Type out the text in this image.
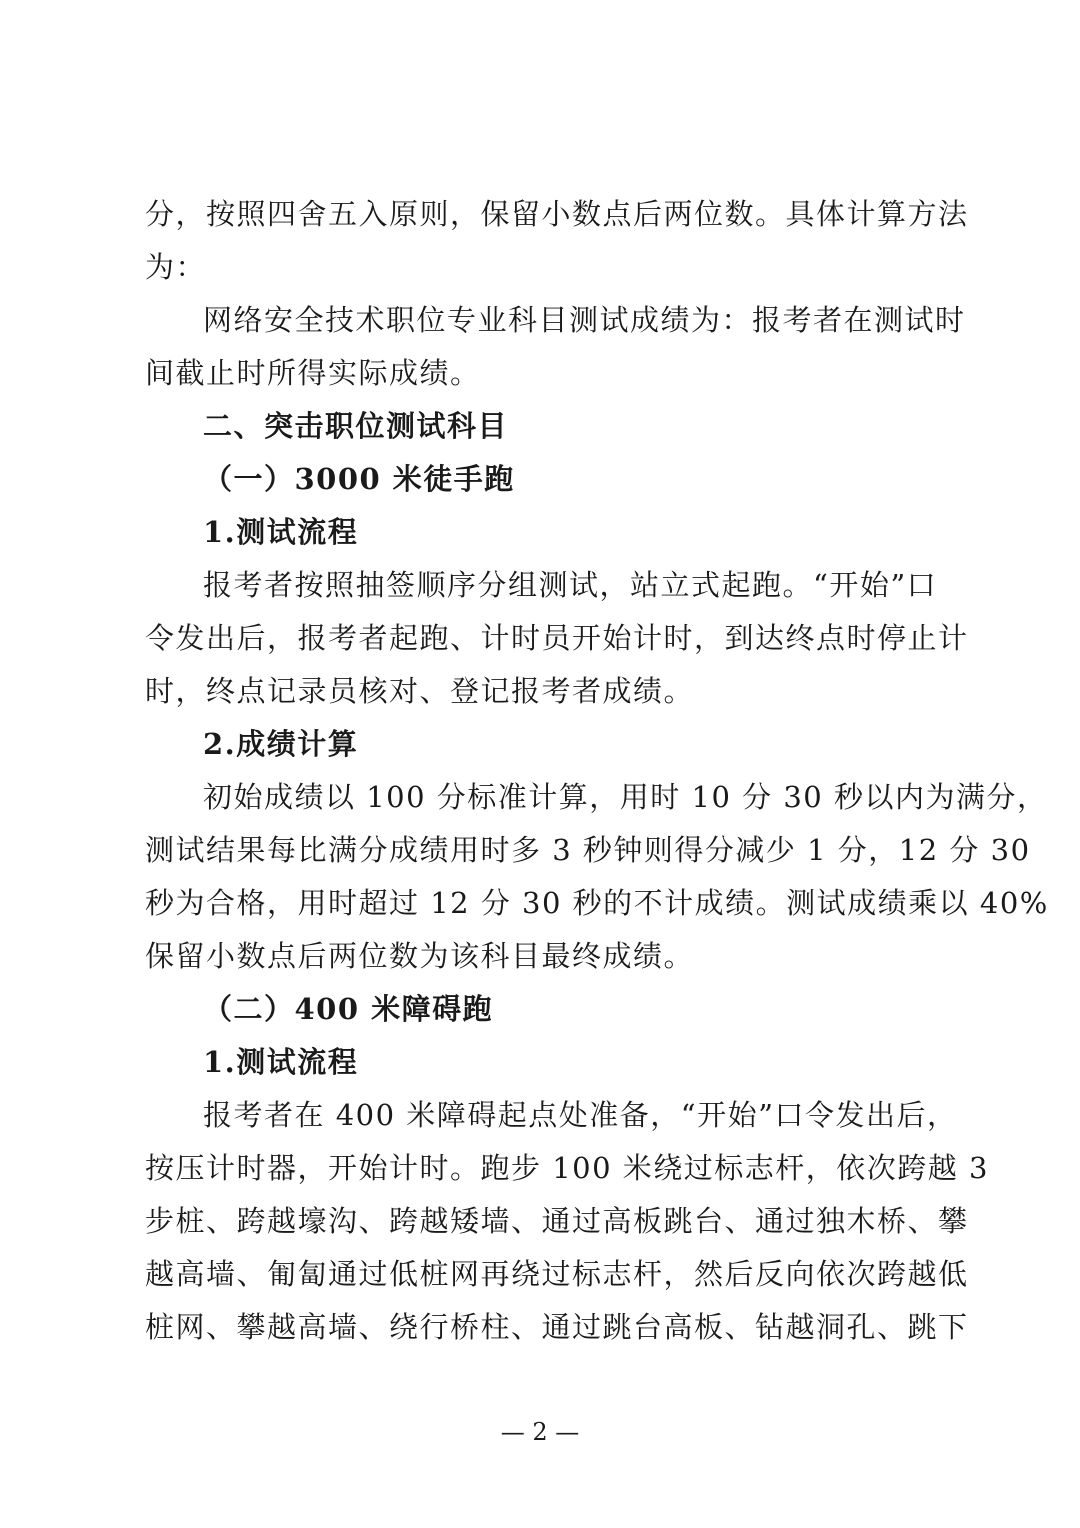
分，按照四舍五入原则，保留小数点后两位数。具体计算方法
为：
网络安全技术职位专业科目测试成绩为：报考者在测试时
间截止时所得实际成绩。
二、突击职位测试科目
（一）3000 米徒手跑
1.测试流程
报考者按照抽签顺序分组测试，站立式起跑。“开始”口
令发出后，报考者起跑、计时员开始计时，到达终点时停止计
时，终点记录员核对、登记报考者成绩。
2.成绩计算
初始成绩以 100 分标准计算，用时 10 分 30 秒以内为满分，
测试结果每比满分成绩用时多 3 秒钟则得分减少 1 分，12 分 30
秒为合格，用时超过 12 分 30 秒的不计成绩。测试成绩乘以 40%
保留小数点后两位数为该科目最终成绩。
（二）400 米障碍跑
1.测试流程
报考者在 400 米障碍起点处准备，“开始”口令发出后，
按压计时器，开始计时。跑步 100 米绕过标志杆，依次跨越 3
步桩、跨越壕沟、跨越矮墙、通过高板跳台、通过独木桥、攀
越高墙、匍匐通过低桩网再绕过标志杆，然后反向依次跨越低
桩网、攀越高墙、绕行桥柱、通过跳台高板、钻越洞孔、跳下
— 2 —
